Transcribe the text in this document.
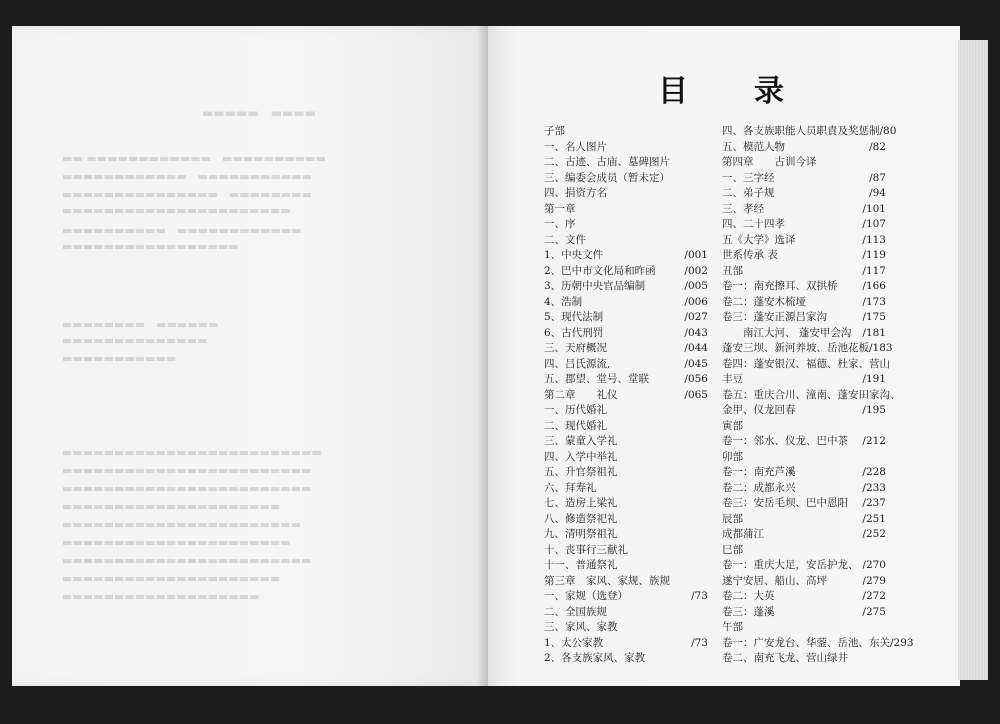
▬▬▬▬▬　▬▬▬▬
▬▬ ▬▬▬▬▬▬▬▬▬▬▬▬　▬▬▬▬▬▬▬▬▬▬
▬▬▬▬▬▬▬▬▬▬▬▬　▬▬▬▬▬▬▬▬▬▬▬
▬▬▬▬▬▬▬▬▬▬▬▬▬▬▬　▬▬▬▬▬▬▬▬
▬▬▬▬▬▬▬▬▬▬▬▬▬▬▬▬▬▬▬▬▬▬
▬▬▬▬▬▬▬▬▬▬　▬▬▬▬▬▬▬▬▬▬▬▬
▬▬▬▬▬▬▬▬▬▬▬▬▬▬▬▬▬
▬▬▬▬▬▬▬▬　▬▬▬▬▬▬
▬▬▬▬▬▬▬▬▬▬▬▬▬▬
▬▬▬▬▬▬▬▬▬▬▬
▬▬▬▬▬▬▬▬▬▬▬▬▬▬▬▬▬▬▬▬▬▬▬▬▬
▬▬▬▬▬▬▬▬▬▬▬▬▬▬▬▬▬▬▬▬▬▬▬▬
▬▬▬▬▬▬▬▬▬▬▬▬▬▬▬▬▬▬▬▬▬▬▬▬
▬▬▬▬▬▬▬▬▬▬▬▬▬▬▬▬▬▬▬▬▬
▬▬▬▬▬▬▬▬▬▬▬▬▬▬▬▬▬▬▬▬▬▬▬
▬▬▬▬▬▬▬▬▬▬▬▬▬▬▬▬▬▬▬▬▬▬
▬▬▬▬▬▬▬▬▬▬▬▬▬▬▬▬▬▬▬▬▬▬▬▬
▬▬▬▬▬▬▬▬▬▬▬▬▬▬▬▬▬▬▬▬▬
▬▬▬▬▬▬▬▬▬▬▬▬▬▬▬▬▬▬▬
目　录
子部
一、名人图片
二、古迹、古庙、墓碑图片
三、编委会成员（暂未定）
四、捐资方名
第一章
一、序
二、文件
1、中央文件	/001
2、巴中市文化局和昨函	/002
3、历朝中央官品编制	/005
4、浩制	/006
5、现代法制	/027
6、古代刑罚	/043
三、天府概况	/044
四、吕氏源流,	/045
五、郡望、堂号、堂联	/056
第二章　　礼仪	/065
一、历代婚礼
二、现代婚礼
三、蒙童入学礼
四、入学中举礼
五、升官祭祖礼
六、拜寿礼
七、造房上梁礼
八、修造祭祀礼
九、清明祭祖礼
十、丧事行三献礼
十一、普通祭礼
第三章　家风、家规、族规
一、家规（选登）	/73
二、全国族规
三、家风、家教
1、太公家教	/73
2、各支族家风、家教
四、各支族职能人员职責及奖惩制 /80
五、模范人物	/82
第四章　　古训今译
一、三字经	/87
二、弟子规	/94
三、孝经	/101
四、二十四孝	/107
五《大学》选译	/113
世系传承 表	/119
丑部	/117
卷一：南充擦耳、双拱桥 /166
卷二：蓬安木梳垭	/173
卷三：蓬安正源吕家沟	/175
　　南江大河、 蓬安甲会沟 /181
蓬安三坝、新河养坡、岳池花板 /183
卷四：蓬安银汉、福德、杜家、营山
丰豆	/191
卷五：重庆合川、潼南、蓬安田家沟、
金甲、仪龙回春	/195
寅部
卷一：邻水、仪龙、巴中茶 /212
卯部
卷一：南充芦溪	/228
卷二：成都永兴	/233
卷三：安岳毛坝、巴中恩阳 /237
辰部	/251
成都蒲江	/252
巳部
卷一：重庆大足，安岳护龙、 /270
遂宁安居、船山、高坪	/279
卷二：大英	/272
卷三：蓬溪	/275
午部
卷一：广安龙台、华蓥、岳池、东关 /293
卷二、南充飞龙、营山绿井
